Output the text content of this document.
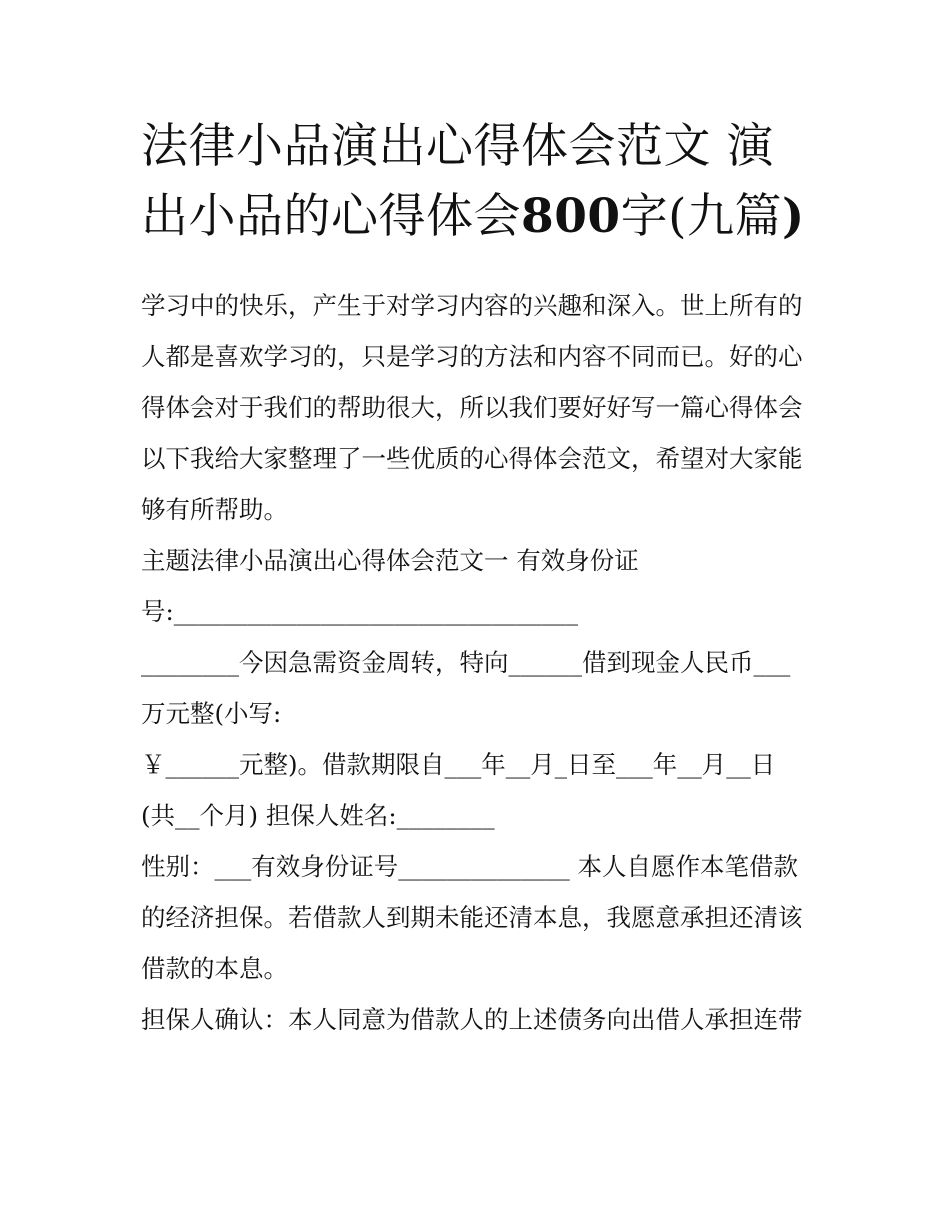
法律小品演出心得体会范文 演出小品的心得体会800字(九篇)
学习中的快乐，产生于对学习内容的兴趣和深入。世上所有的
人都是喜欢学习的，只是学习的方法和内容不同而已。好的心
得体会对于我们的帮助很大，所以我们要好好写一篇心得体会
以下我给大家整理了一些优质的心得体会范文，希望对大家能
够有所帮助。
主题法律小品演出心得体会范文一 有效身份证
号:_________________________________
________今因急需资金周转，特向______借到现金人民币___
万元整(小写:
￥______元整)。借款期限自___年__月_日至___年__月__日
(共__个月) 担保人姓名:________
性别：___有效身份证号______________ 本人自愿作本笔借款
的经济担保。若借款人到期未能还清本息，我愿意承担还清该
借款的本息。
担保人确认：本人同意为借款人的上述债务向出借人承担连带
